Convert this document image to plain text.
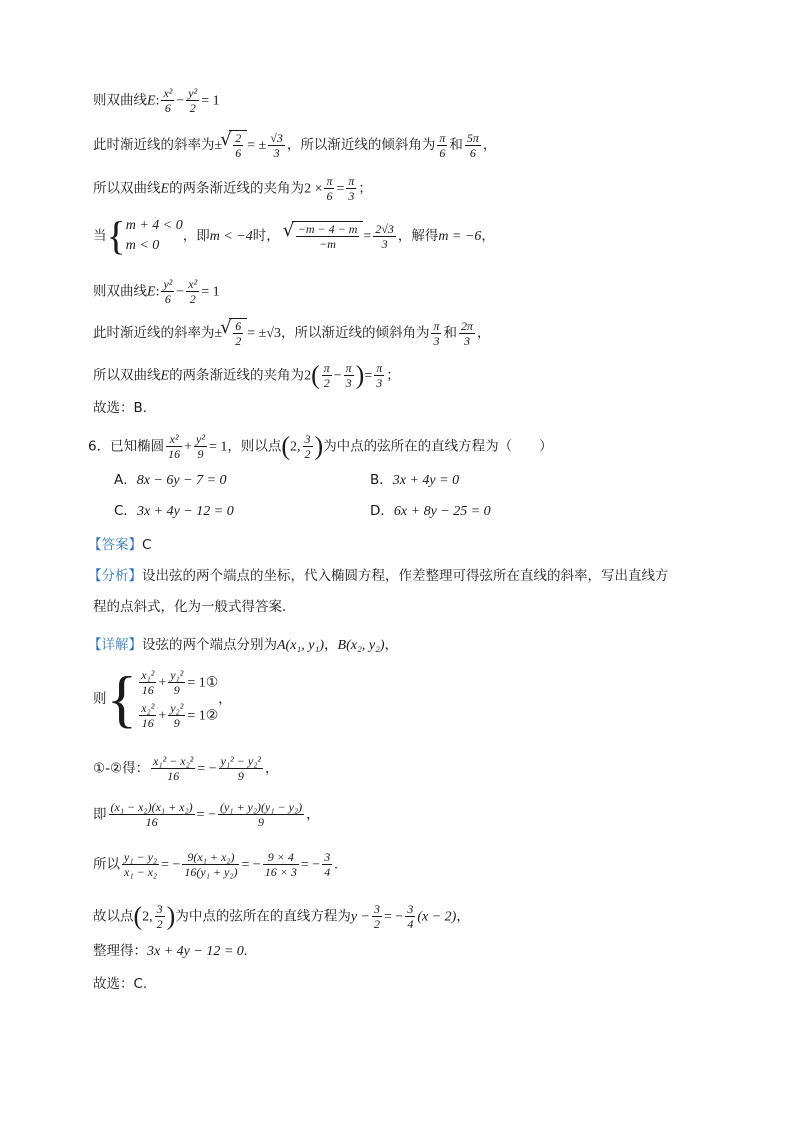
则双曲线E: $\frac{\text{x²}}{6} - \frac{\text{y²}}{2} = 1$
此时渐近线的斜率为± √ $\frac{2}{6}$ = ± $\frac{√3}{3}$ ，所以渐近线的倾斜角为 $\frac{\pi}{6}$ 和 $\frac{5\pi}{6}$ ，
所以双曲线E的两条渐近线的夹角为$2 \times \frac{\pi}{6} = \frac{\pi}{3}$ ；
当{ m + 4 < 0
m < 0
，即m < −4时， √ $\frac{-m - 4 - m}{-m} = \frac{2√3}{3}$ ，解得m = −6，
则双曲线E: $\frac{\text{y²}}{6} - \frac{\text{x²}}{2} = 1$
此时渐近线的斜率为± √ $\frac{6}{2} = \pm√3$，所以渐近线的倾斜角为 $\frac{\pi}{3}$ 和 $\frac{2\pi}{3}$ ，
所以双曲线E的两条渐近线的夹角为$2( \frac{\pi}{2} - \frac{\pi}{3}$ )= $\frac{\pi}{3}$ ；
故选：B.
6．已知椭圆 $\frac{\text{x²}}{16} + \frac{\text{y²}}{9} = 1$，则以点(2, $\frac{3}{2}$ )为中点的弦所在的直线方程为（　　）
A．8x − 6y − 7 = 0	B．3x + 4y = 0
C．3x + 4y − 12 = 0	D．6x + 8y − 25 = 0
【答案】C
【分析】设出弦的两个端点的坐标，代入椭圆方程，作差整理可得弦所在直线的斜率，写出直线方
程的点斜式，化为一般式得答案．
【详解】设弦的两个端点分别为A(x₁, y₁)，B(x₂, y₂)，
则{ $\frac{\text{x₁²}}{16} + \frac{\text{y₁²}}{9}$ = 1①
$\frac{\text{x₂²}}{16} + \frac{\text{y₂²}}{9}$ = 1②
，
①-②得： $\frac{\text{x₁² − x₂²}}{16}$ = − $\frac{\text{y₁² − y₂²}}{9}$ ，
即 $\frac{\text{(x₁ − x₂)(x₁ + x₂)}}{16}$ = − $\frac{\text{(y₁ + y₂)(y₁ − y₂)}}{9}$ ，
所以 $\frac{\text{y₁ − y₂}}{\text{x₁ − x₂}}$ = − $\frac{\text{9(x₁ + x₂)}}{\text{16(y₁ + y₂)}}$ = − $\frac{9 \times 4}{16 \times 3}$ = − $\frac{3}{4}$ .
故以点(2, $\frac{3}{2}$ )为中点的弦所在的直线方程为$y - \frac{3}{2}$ = − $\frac{3}{4} (x - 2)$，
整理得：3x + 4y − 12 = 0.
故选：C.
